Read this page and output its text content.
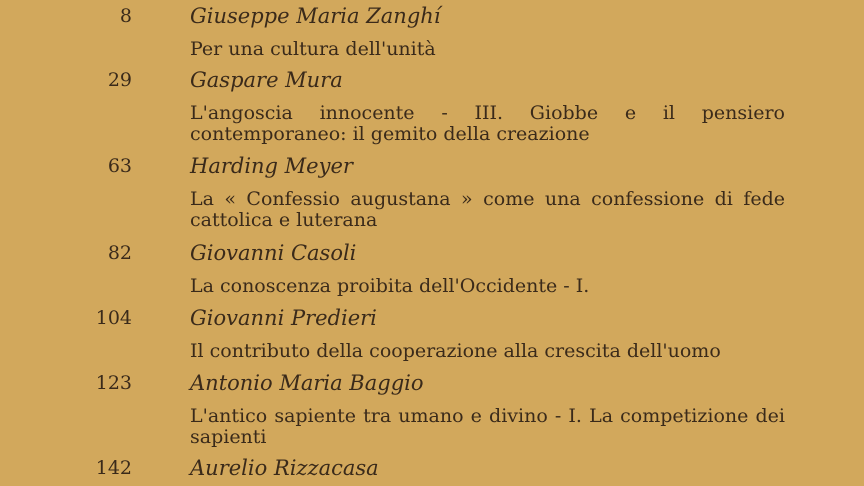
8	Giuseppe Maria Zanghí
Per una cultura dell'unità
29	Gaspare Mura
L'angoscia innocente - III. Giobbe e il pensiero contemporaneo: il gemito della creazione
63	Harding Meyer
La « Confessio augustana » come una confessione di fede cattolica e luterana
82	Giovanni Casoli
La conoscenza proibita dell'Occidente - I.
104	Giovanni Predieri
Il contributo della cooperazione alla crescita dell'uomo
123	Antonio Maria Baggio
L'antico sapiente tra umano e divino - I. La competizione dei sapienti
142	Aurelio Rizzacasa
